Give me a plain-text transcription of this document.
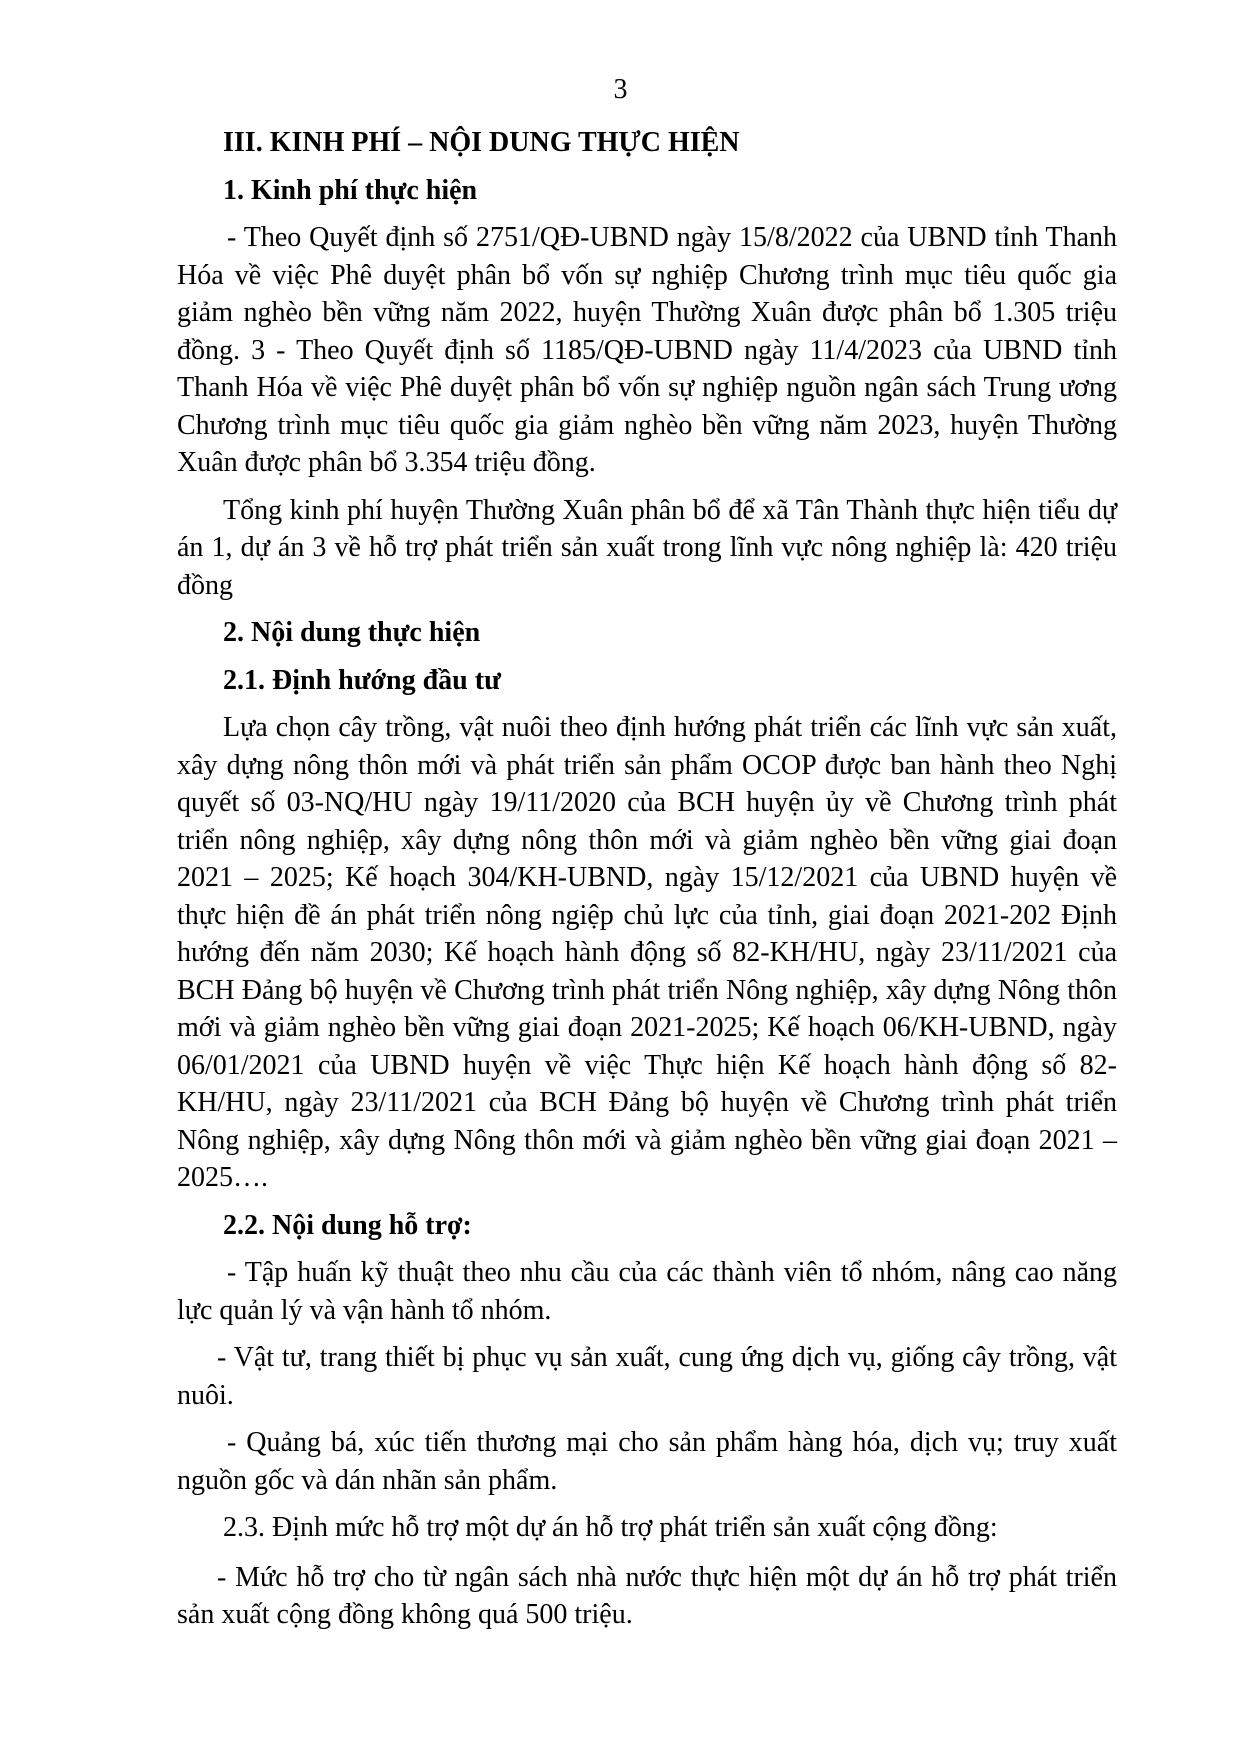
3
III. KINH PHÍ – NỘI DUNG THỰC HIỆN
1. Kinh phí thực hiện
- Theo Quyết định số 2751/QĐ-UBND ngày 15/8/2022 của UBND tỉnh Thanh Hóa về việc Phê duyệt phân bổ vốn sự nghiệp Chương trình mục tiêu quốc gia giảm nghèo bền vững năm 2022, huyện Thường Xuân được phân bổ 1.305 triệu đồng. 3 - Theo Quyết định số 1185/QĐ-UBND ngày 11/4/2023 của UBND tỉnh Thanh Hóa về việc Phê duyệt phân bổ vốn sự nghiệp nguồn ngân sách Trung ương Chương trình mục tiêu quốc gia giảm nghèo bền vững năm 2023, huyện Thường Xuân được phân bổ 3.354 triệu đồng.
Tổng kinh phí huyện Thường Xuân phân bổ để xã Tân Thành thực hiện tiểu dự án 1, dự án 3 về hỗ trợ phát triển sản xuất trong lĩnh vực nông nghiệp là: 420 triệu đồng
2. Nội dung thực hiện
2.1. Định hướng đầu tư
Lựa chọn cây trồng, vật nuôi theo định hướng phát triển các lĩnh vực sản xuất, xây dựng nông thôn mới và phát triển sản phẩm OCOP được ban hành theo Nghị quyết số 03-NQ/HU ngày 19/11/2020 của BCH huyện ủy về Chương trình phát triển nông nghiệp, xây dựng nông thôn mới và giảm nghèo bền vững giai đoạn 2021 – 2025; Kế hoạch 304/KH-UBND, ngày 15/12/2021 của UBND huyện về thực hiện đề án phát triển nông ngiệp chủ lực của tỉnh, giai đoạn 2021-202 Định hướng đến năm 2030; Kế hoạch hành động số 82-KH/HU, ngày 23/11/2021 của BCH Đảng bộ huyện về Chương trình phát triển Nông nghiệp, xây dựng Nông thôn mới và giảm nghèo bền vững giai đoạn 2021-2025; Kế hoạch 06/KH-UBND, ngày 06/01/2021 của UBND huyện về việc Thực hiện Kế hoạch hành động số 82-KH/HU, ngày 23/11/2021 của BCH Đảng bộ huyện về Chương trình phát triển Nông nghiệp, xây dựng Nông thôn mới và giảm nghèo bền vững giai đoạn 2021 – 2025….
2.2. Nội dung hỗ trợ:
- Tập huấn kỹ thuật theo nhu cầu của các thành viên tổ nhóm, nâng cao năng lực quản lý và vận hành tổ nhóm.
- Vật tư, trang thiết bị phục vụ sản xuất, cung ứng dịch vụ, giống cây trồng, vật nuôi.
- Quảng bá, xúc tiến thương mại cho sản phẩm hàng hóa, dịch vụ; truy xuất nguồn gốc và dán nhãn sản phẩm.
2.3. Định mức hỗ trợ một dự án hỗ trợ phát triển sản xuất cộng đồng:
- Mức hỗ trợ cho từ ngân sách nhà nước thực hiện một dự án hỗ trợ phát triển sản xuất cộng đồng không quá 500 triệu.
